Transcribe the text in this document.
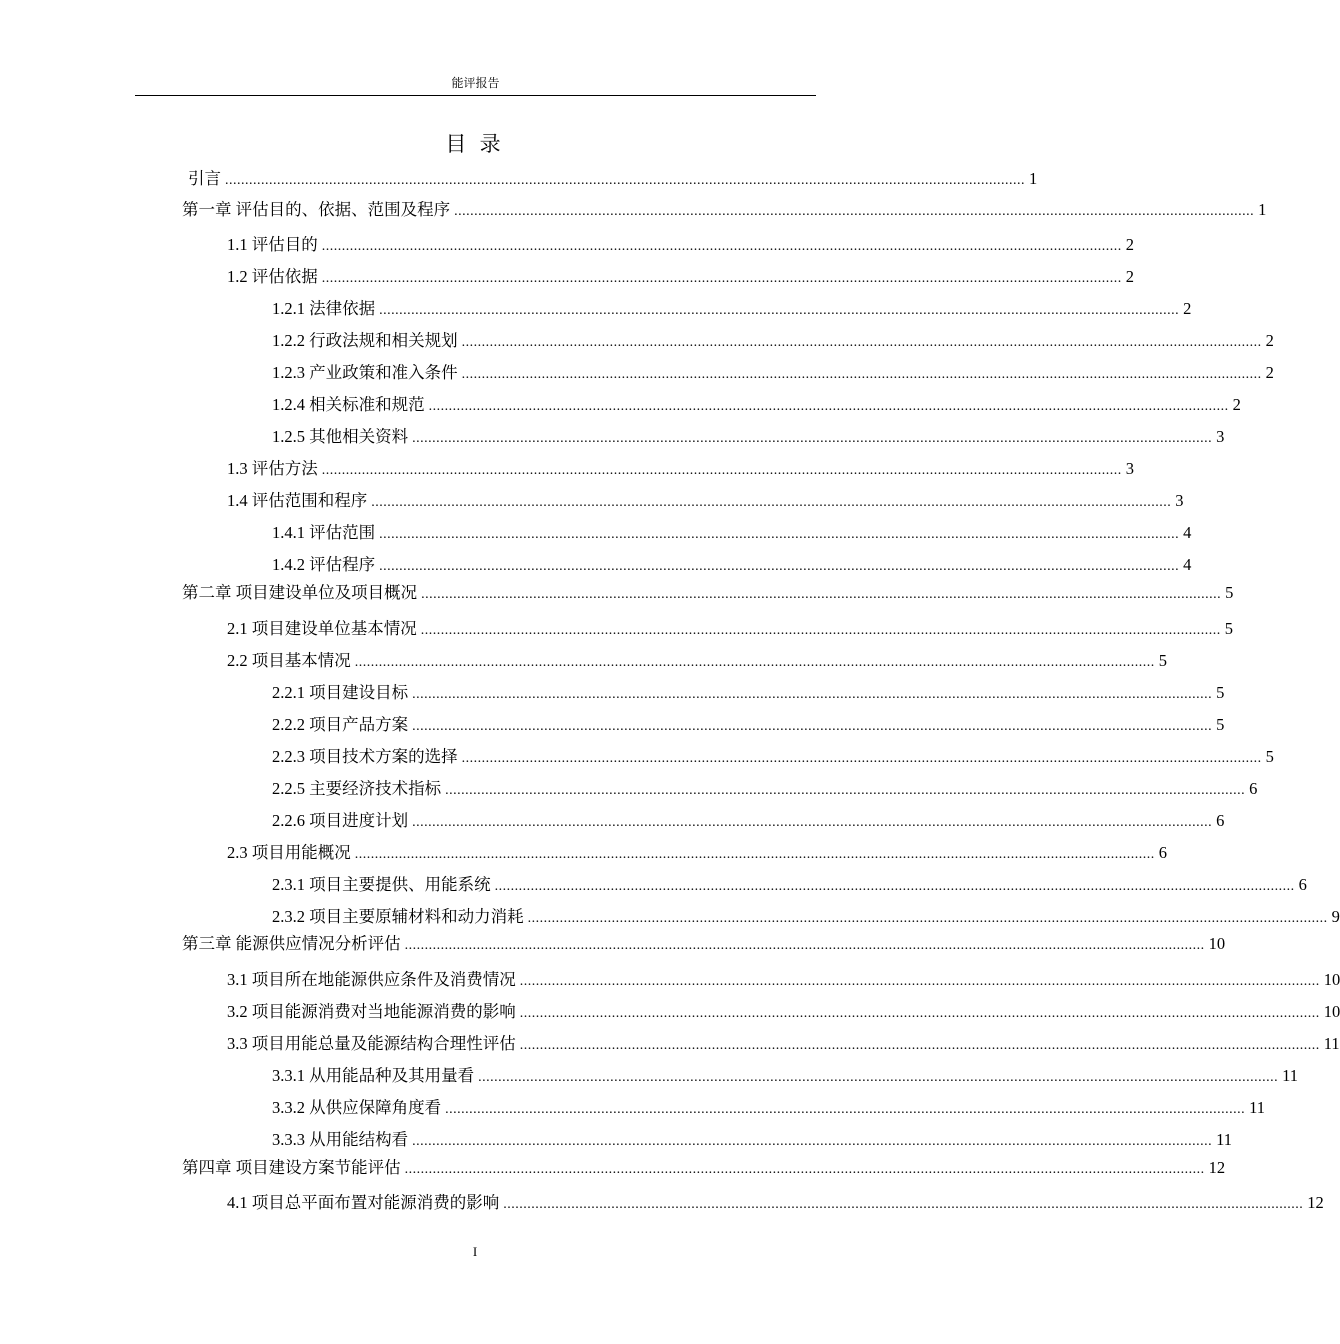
能评报告
目 录
引言 ........................................................................................................................................................................................................ 1
第一章 评估目的、依据、范围及程序 ........................................................................................................................................................................................................ 1
1.1 评估目的 ........................................................................................................................................................................................................ 2
1.2 评估依据 ........................................................................................................................................................................................................ 2
1.2.1 法律依据 ........................................................................................................................................................................................................ 2
1.2.2 行政法规和相关规划 ........................................................................................................................................................................................................ 2
1.2.3 产业政策和准入条件 ........................................................................................................................................................................................................ 2
1.2.4 相关标准和规范 ........................................................................................................................................................................................................ 2
1.2.5 其他相关资料 ........................................................................................................................................................................................................ 3
1.3 评估方法 ........................................................................................................................................................................................................ 3
1.4 评估范围和程序 ........................................................................................................................................................................................................ 3
1.4.1 评估范围 ........................................................................................................................................................................................................ 4
1.4.2 评估程序 ........................................................................................................................................................................................................ 4
第二章 项目建设单位及项目概况 ........................................................................................................................................................................................................ 5
2.1 项目建设单位基本情况 ........................................................................................................................................................................................................ 5
2.2 项目基本情况 ........................................................................................................................................................................................................ 5
2.2.1 项目建设目标 ........................................................................................................................................................................................................ 5
2.2.2 项目产品方案 ........................................................................................................................................................................................................ 5
2.2.3 项目技术方案的选择 ........................................................................................................................................................................................................ 5
2.2.5 主要经济技术指标 ........................................................................................................................................................................................................ 6
2.2.6 项目进度计划 ........................................................................................................................................................................................................ 6
2.3 项目用能概况 ........................................................................................................................................................................................................ 6
2.3.1 项目主要提供、用能系统 ........................................................................................................................................................................................................ 6
2.3.2 项目主要原辅材料和动力消耗 ........................................................................................................................................................................................................ 9
第三章 能源供应情况分析评估 ........................................................................................................................................................................................................ 10
3.1 项目所在地能源供应条件及消费情况 ........................................................................................................................................................................................................ 10
3.2 项目能源消费对当地能源消费的影响 ........................................................................................................................................................................................................ 10
3.3 项目用能总量及能源结构合理性评估 ........................................................................................................................................................................................................ 11
3.3.1 从用能品种及其用量看 ........................................................................................................................................................................................................ 11
3.3.2 从供应保障角度看 ........................................................................................................................................................................................................ 11
3.3.3 从用能结构看 ........................................................................................................................................................................................................ 11
第四章 项目建设方案节能评估 ........................................................................................................................................................................................................ 12
4.1 项目总平面布置对能源消费的影响 ........................................................................................................................................................................................................ 12
I
